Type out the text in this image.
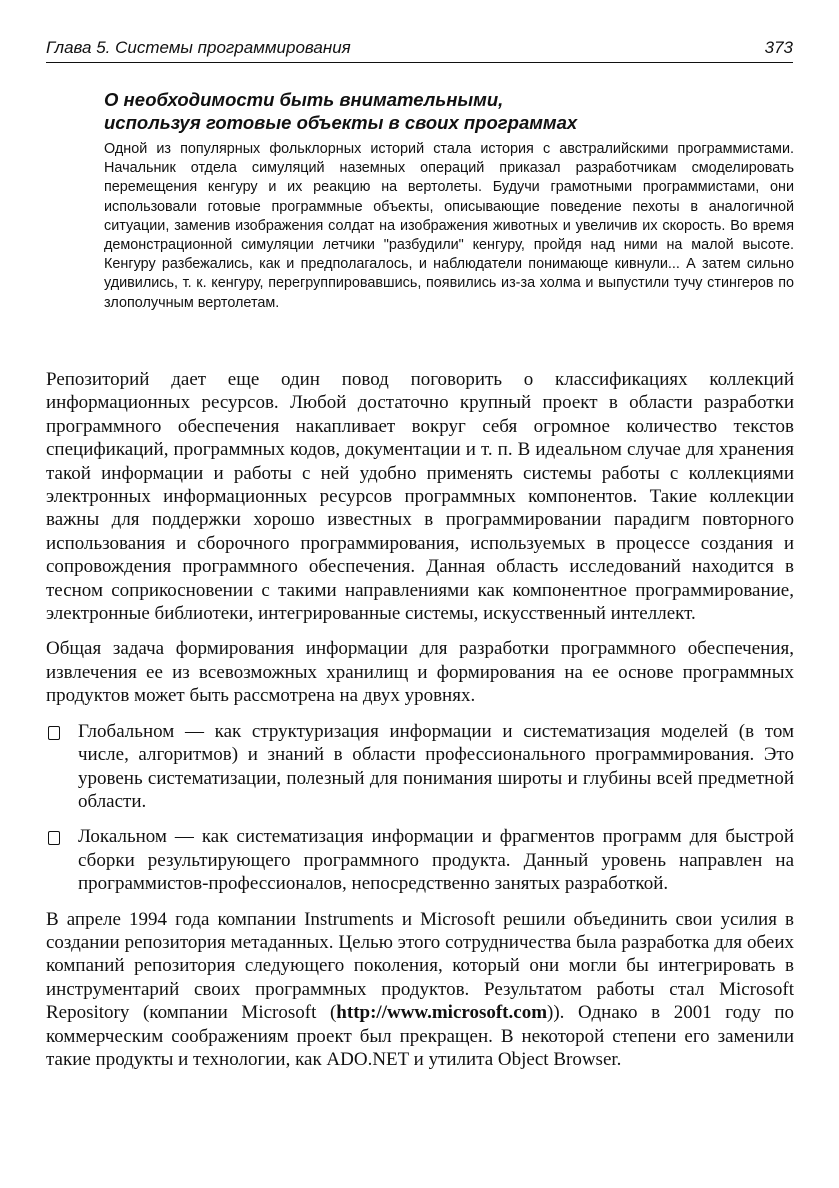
Глава 5. Системы программирования	373
О необходимости быть внимательными,
используя готовые объекты в своих программах

Одной из популярных фольклорных историй стала история с австралийскими программистами. Начальник отдела симуляций наземных операций приказал разработчикам смоделировать перемещения кенгуру и их реакцию на вертолеты. Будучи грамотными программистами, они использовали готовые программные объекты, описывающие поведение пехоты в аналогичной ситуации, заменив изображения солдат на изображения животных и увеличив их скорость. Во время демонстрационной симуляции летчики "разбудили" кенгуру, пройдя над ними на малой высоте. Кенгуру разбежались, как и предполагалось, и наблюдатели понимающе кивнули... А затем сильно удивились, т. к. кенгуру, перегруппировавшись, появились из-за холма и выпустили тучу стингеров по злополучным вертолетам.

Репозиторий дает еще один повод поговорить о классификациях коллекций информационных ресурсов. Любой достаточно крупный проект в области разработки программного обеспечения накапливает вокруг себя огромное количество текстов спецификаций, программных кодов, документации и т. п. В идеальном случае для хранения такой информации и работы с ней удобно применять системы работы с коллекциями электронных информационных ресурсов программных компонентов. Такие коллекции важны для поддержки хорошо известных в программировании парадигм повторного использования и сборочного программирования, используемых в процессе создания и сопровождения программного обеспечения. Данная область исследований находится в тесном соприкосновении с такими направлениями как компонентное программирование, электронные библиотеки, интегрированные системы, искусственный интеллект.

Общая задача формирования информации для разработки программного обеспечения, извлечения ее из всевозможных хранилищ и формирования на ее основе программных продуктов может быть рассмотрена на двух уровнях.

Глобальном — как структуризация информации и систематизация моделей (в том числе, алгоритмов) и знаний в области профессионального программирования. Это уровень систематизации, полезный для понимания широты и глубины всей предметной области.
Локальном — как систематизация информации и фрагментов программ для быстрой сборки результирующего программного продукта. Данный уровень направлен на программистов-профессионалов, непосредственно занятых разработкой.

В апреле 1994 года компании Instruments и Microsoft решили объединить свои усилия в создании репозитория метаданных. Целью этого сотрудничества была разработка для обеих компаний репозитория следующего поколения, который они могли бы интегрировать в инструментарий своих программных продуктов. Результатом работы стал Microsoft Repository (компании Microsoft (http://www.microsoft.com)). Однако в 2001 году по коммерческим соображениям проект был прекращен. В некоторой степени его заменили такие продукты и технологии, как ADO.NET и утилита Object Browser.
